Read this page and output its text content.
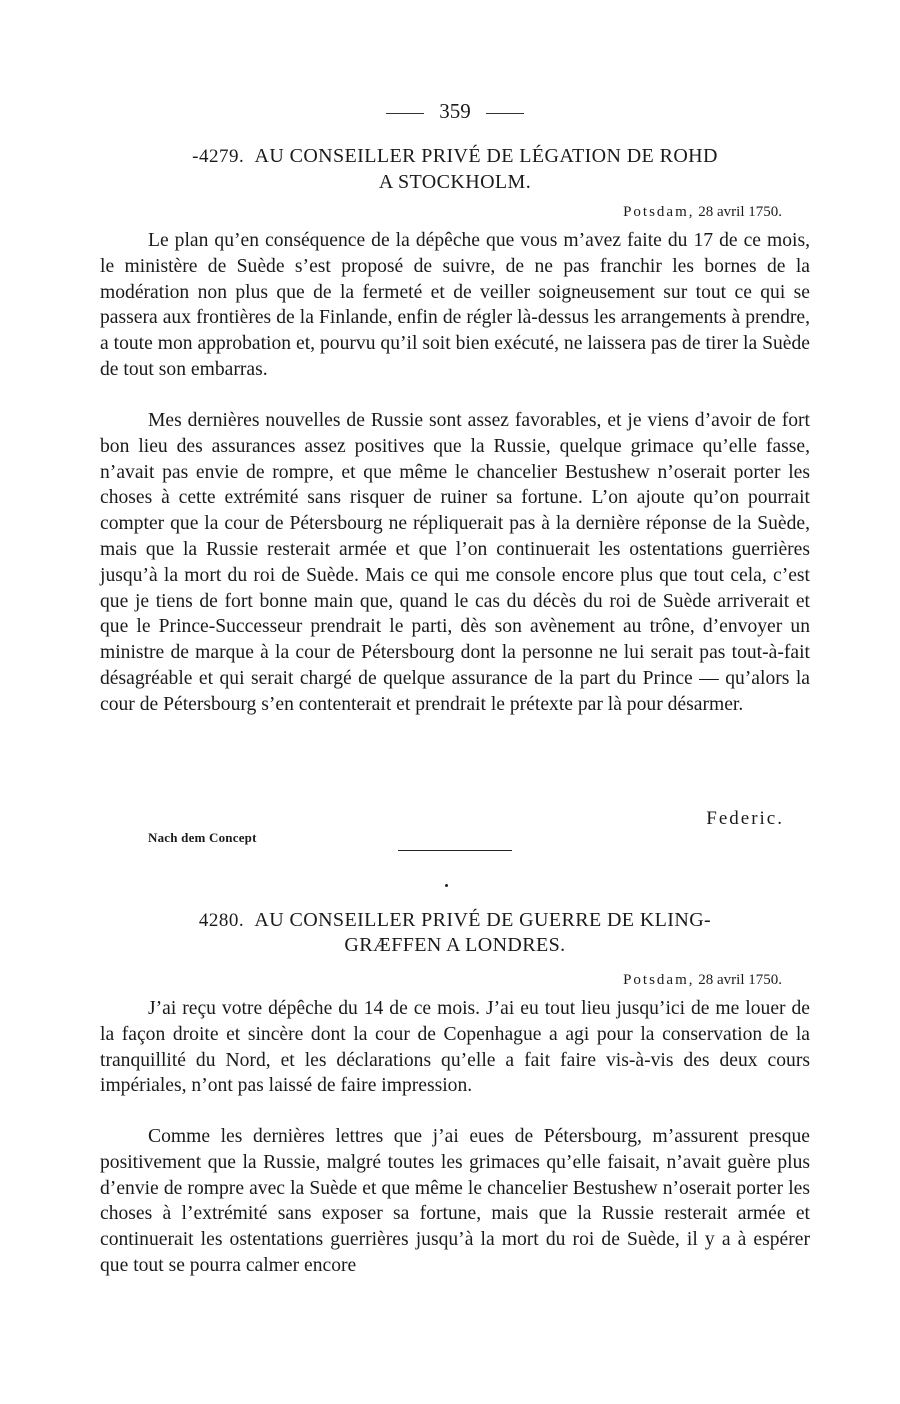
359
-4279. AU CONSEILLER PRIVÉ DE LÉGATION DE ROHD
A STOCKHOLM.
Potsdam, 28 avril 1750.

Le plan qu’en conséquence de la dépêche que vous m’avez faite du 17 de ce mois, le ministère de Suède s’est proposé de suivre, de ne pas franchir les bornes de la modération non plus que de la fermeté et de veiller soigneusement sur tout ce qui se passera aux frontières de la Finlande, enfin de régler là-dessus les arrangements à prendre, a toute mon approbation et, pourvu qu’il soit bien exécuté, ne laissera pas de tirer la Suède de tout son embarras.

Mes dernières nouvelles de Russie sont assez favorables, et je viens d’avoir de fort bon lieu des assurances assez positives que la Russie, quelque grimace qu’elle fasse, n’avait pas envie de rompre, et que même le chancelier Bestushew n’oserait porter les choses à cette extrémité sans risquer de ruiner sa fortune. L’on ajoute qu’on pourrait compter que la cour de Pétersbourg ne répliquerait pas à la dernière réponse de la Suède, mais que la Russie resterait armée et que l’on continuerait les ostentations guerrières jusqu’à la mort du roi de Suède. Mais ce qui me console encore plus que tout cela, c’est que je tiens de fort bonne main que, quand le cas du décès du roi de Suède arriverait et que le Prince-Successeur prendrait le parti, dès son avènement au trône, d’envoyer un ministre de marque à la cour de Pétersbourg dont la personne ne lui serait pas tout-à-fait désagréable et qui serait chargé de quelque assurance de la part du Prince — qu’alors la cour de Pétersbourg s’en contenterait et prendrait le prétexte par là pour désarmer.

Federic.
Nach dem Concept
4280. AU CONSEILLER PRIVÉ DE GUERRE DE KLING-
GRÆFFEN A LONDRES.
Potsdam, 28 avril 1750.

J’ai reçu votre dépêche du 14 de ce mois. J’ai eu tout lieu jusqu’ici de me louer de la façon droite et sincère dont la cour de Copenhague a agi pour la conservation de la tranquillité du Nord, et les déclarations qu’elle a fait faire vis-à-vis des deux cours impériales, n’ont pas laissé de faire impression.

Comme les dernières lettres que j’ai eues de Pétersbourg, m’assurent presque positivement que la Russie, malgré toutes les grimaces qu’elle faisait, n’avait guère plus d’envie de rompre avec la Suède et que même le chancelier Bestushew n’oserait porter les choses à l’extrémité sans exposer sa fortune, mais que la Russie resterait armée et continuerait les ostentations guerrières jusqu’à la mort du roi de Suède, il y a à espérer que tout se pourra calmer encore
